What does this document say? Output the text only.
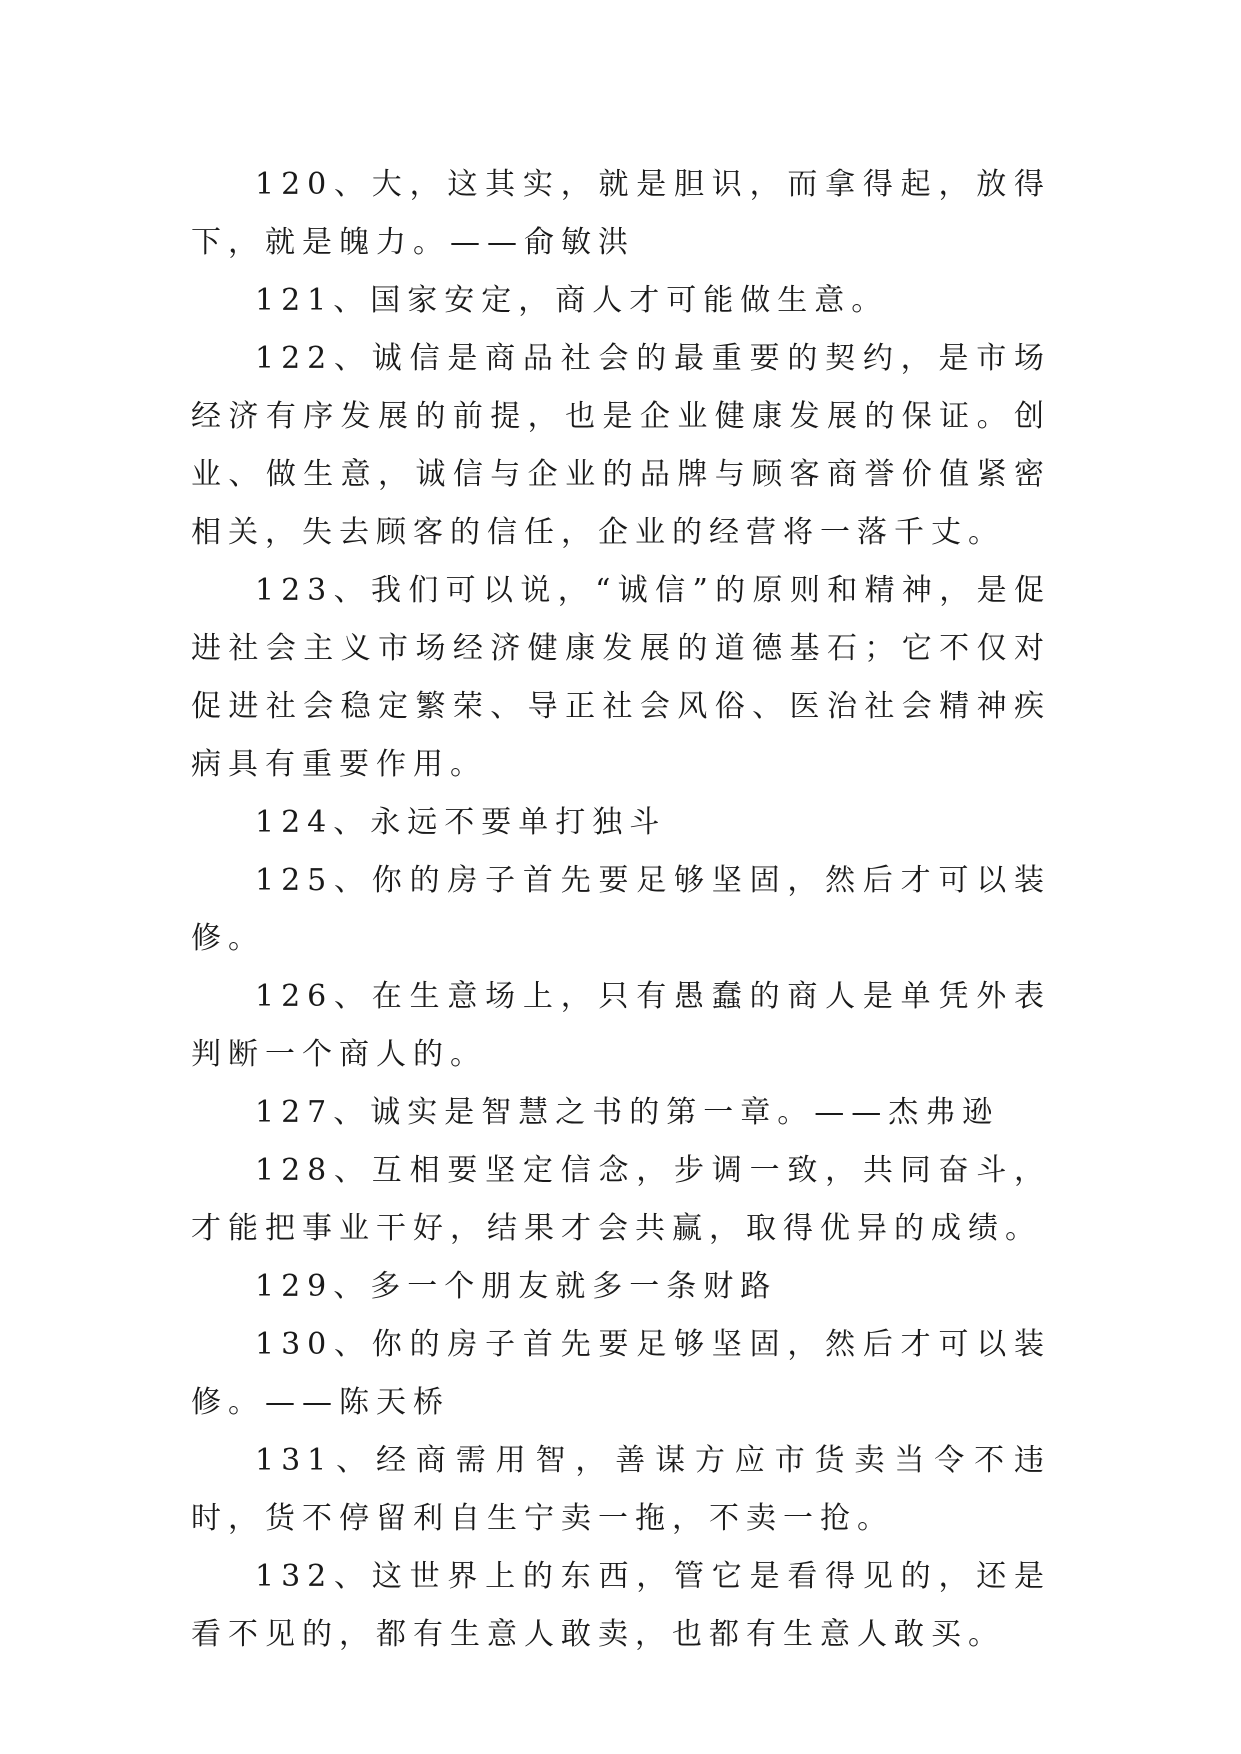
120、大，这其实，就是胆识，而拿得起，放得下，就是魄力。——俞敏洪

121、国家安定，商人才可能做生意。

122、诚信是商品社会的最重要的契约，是市场经济有序发展的前提，也是企业健康发展的保证。创业、做生意，诚信与企业的品牌与顾客商誉价值紧密相关，失去顾客的信任，企业的经营将一落千丈。

123、我们可以说，“诚信”的原则和精神，是促进社会主义市场经济健康发展的道德基石；它不仅对促进社会稳定繁荣、导正社会风俗、医治社会精神疾病具有重要作用。

124、永远不要单打独斗

125、你的房子首先要足够坚固，然后才可以装修。

126、在生意场上，只有愚蠢的商人是单凭外表判断一个商人的。

127、诚实是智慧之书的第一章。——杰弗逊

128、互相要坚定信念，步调一致，共同奋斗，才能把事业干好，结果才会共赢，取得优异的成绩。

129、多一个朋友就多一条财路

130、你的房子首先要足够坚固，然后才可以装修。——陈天桥

131、经商需用智，善谋方应市货卖当令不违时，货不停留利自生宁卖一拖，不卖一抢。

132、这世界上的东西，管它是看得见的，还是看不见的，都有生意人敢卖，也都有生意人敢买。
